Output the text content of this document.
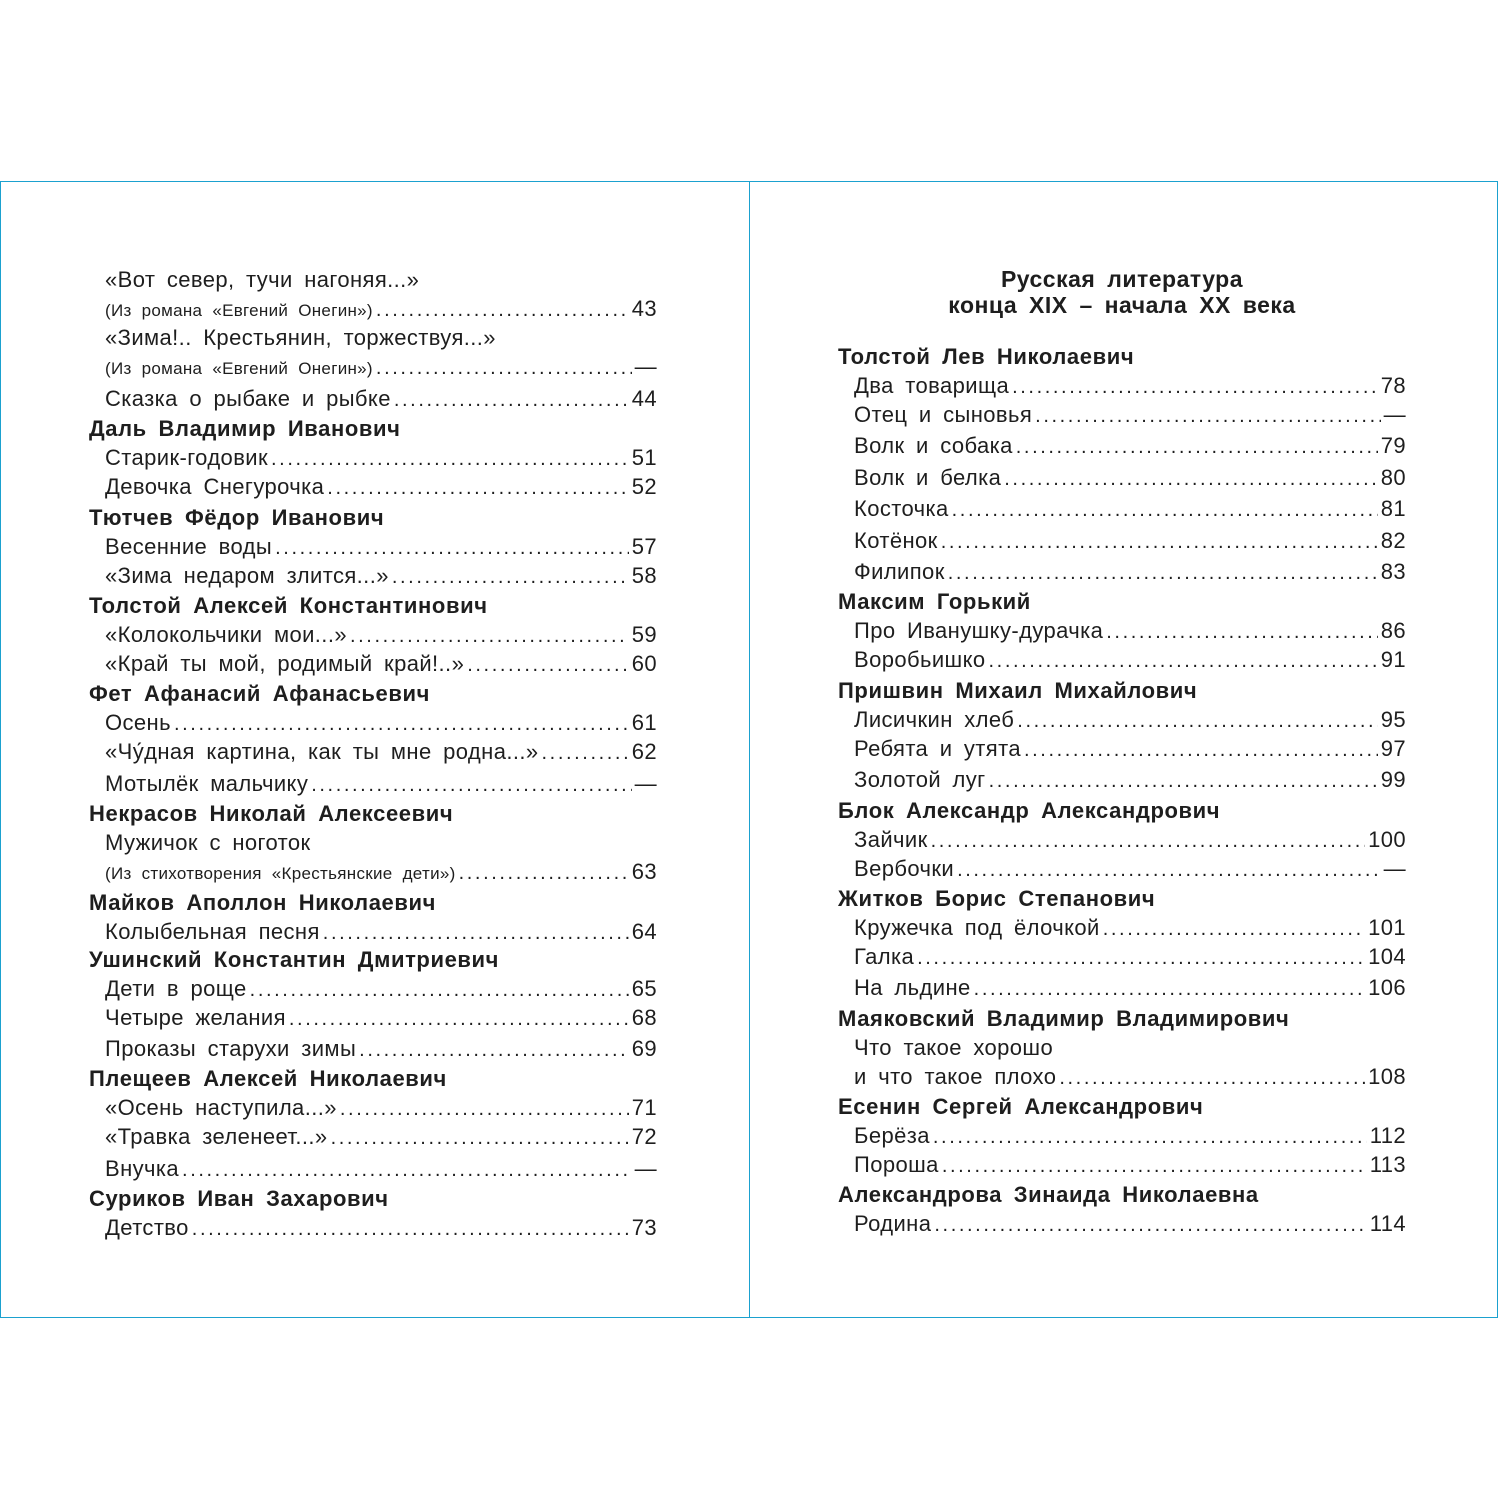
«Вот север, тучи нагоняя...»
(Из романа «Евгений Онегин») .....	43
«Зима!.. Крестьянин, торжествуя...»
(Из романа «Евгений Онегин») .....	—
Сказка о рыбаке и рыбке .....	44
Даль Владимир Иванович
Старик-годовик .....	51
Девочка Снегурочка .....	52
Тютчев Фёдор Иванович
Весенние воды .....	57
«Зима недаром злится...» .....	58
Толстой Алексей Константинович
«Колокольчики мои...» .....	59
«Край ты мой, родимый край!..» .....	60
Фет Афанасий Афанасьевич
Осень .....	61
«Чу́дная картина, как ты мне родна...» .....	62
Мотылёк мальчику .....	—
Некрасов Николай Алексеевич
Мужичок с ноготок
(Из стихотворения «Крестьянские дети») .....	63
Майков Аполлон Николаевич
Колыбельная песня .....	64
Ушинский Константин Дмитриевич
Дети в роще .....	65
Четыре желания .....	68
Проказы старухи зимы .....	69
Плещеев Алексей Николаевич
«Осень наступила...» .....	71
«Травка зеленеет...» .....	72
Внучка .....	—
Суриков Иван Захарович
Детство .....	73
Русская литература
конца XIX – начала XX века
Толстой Лев Николаевич
Два товарища .....	78
Отец и сыновья .....	—
Волк и собака .....	79
Волк и белка .....	80
Косточка .....	81
Котёнок .....	82
Филипок .....	83
Максим Горький
Про Иванушку-дурачка .....	86
Воробьишко .....	91
Пришвин Михаил Михайлович
Лисичкин хлеб .....	95
Ребята и утята .....	97
Золотой луг .....	99
Блок Александр Александрович
Зайчик .....	100
Вербочки .....	—
Житков Борис Степанович
Кружечка под ёлочкой .....	101
Галка .....	104
На льдине .....	106
Маяковский Владимир Владимирович
Что такое хорошо
и что такое плохо .....	108
Есенин Сергей Александрович
Берёза .....	112
Пороша .....	113
Александрова Зинаида Николаевна
Родина .....	114
